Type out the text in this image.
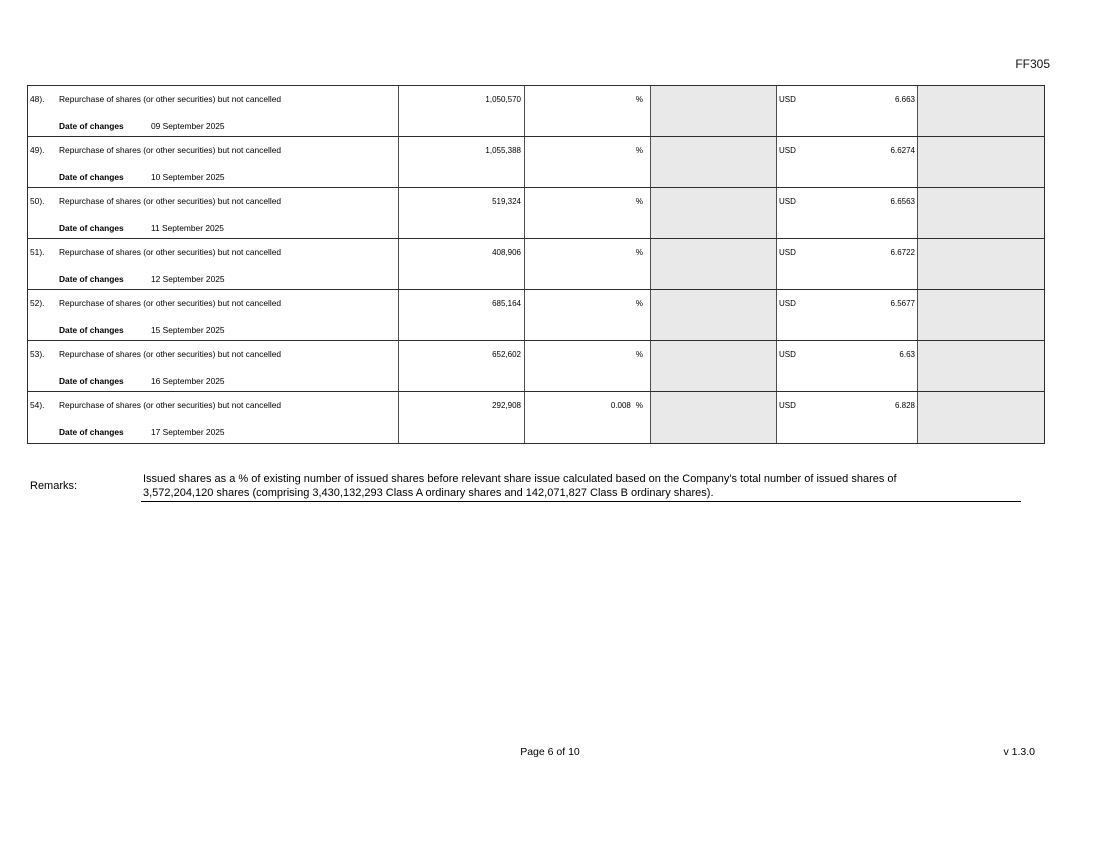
FF305
48). Repurchase of shares (or other securities) but not cancelled
Date of changes	09 September 2025
1,050,570	%	USD	6.663
49). Repurchase of shares (or other securities) but not cancelled
Date of changes	10 September 2025
1,055,388	%	USD	6.6274
50). Repurchase of shares (or other securities) but not cancelled
Date of changes	11 September 2025
519,324	%	USD	6.6563
51). Repurchase of shares (or other securities) but not cancelled
Date of changes	12 September 2025
408,906	%	USD	6.6722
52). Repurchase of shares (or other securities) but not cancelled
Date of changes	15 September 2025
685,164	%	USD	6.5677
53). Repurchase of shares (or other securities) but not cancelled
Date of changes	16 September 2025
652,602	%	USD	6.63
54). Repurchase of shares (or other securities) but not cancelled
Date of changes	17 September 2025
292,908	0.008 %	USD	6.828
Remarks:
Issued shares as a % of existing number of issued shares before relevant share issue calculated based on the Company's total number of issued shares of
3,572,204,120 shares (comprising 3,430,132,293 Class A ordinary shares and 142,071,827 Class B ordinary shares).
Page 6 of 10	v 1.3.0
